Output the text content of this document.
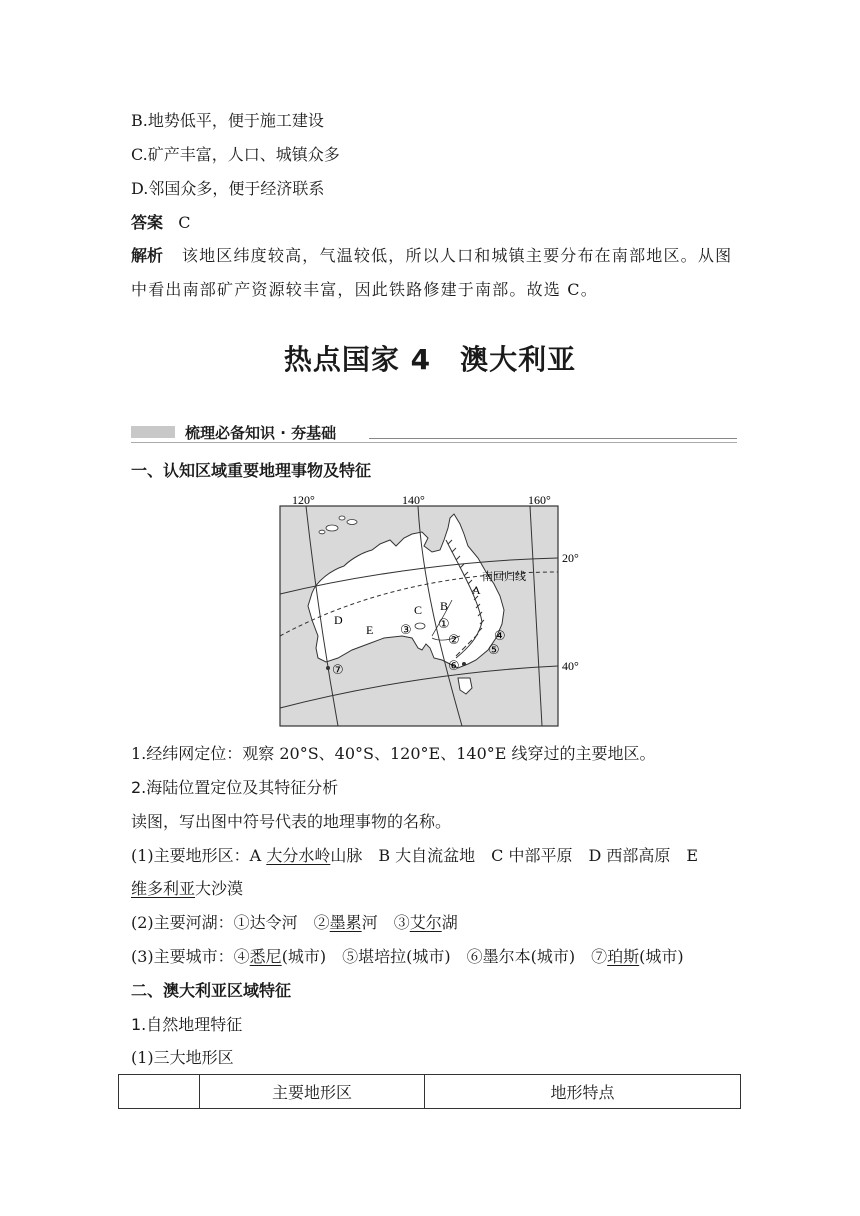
B.地势低平，便于施工建设
C.矿产丰富，人口、城镇众多
D.邻国众多，便于经济联系
答案 C
解析 该地区纬度较高，气温较低，所以人口和城镇主要分布在南部地区。从图
中看出南部矿产资源较丰富，因此铁路修建于南部。故选 C。
热点国家 4　澳大利亚
梳理必备知识 · 夯基础
一、认知区域重要地理事物及特征
120°	140°	160°
20°
40°
南回归线
A
B
C
D
E	①
②
③	④
⑤
⑥
⑦
1.经纬网定位：观察 20°S、40°S、120°E、140°E 线穿过的主要地区。
2.海陆位置定位及其特征分析
读图，写出图中符号代表的地理事物的名称。
(1)主要地形区：A 大分水岭山脉　B 大自流盆地　C 中部平原　D 西部高原　E
维多利亚大沙漠
(2)主要河湖：①达令河　②墨累河　③艾尔湖
(3)主要城市：④悉尼(城市)　⑤堪培拉(城市)　⑥墨尔本(城市)　⑦珀斯(城市)
二、澳大利亚区域特征
1.自然地理特征
(1)三大地形区
	主要地形区	地形特点
